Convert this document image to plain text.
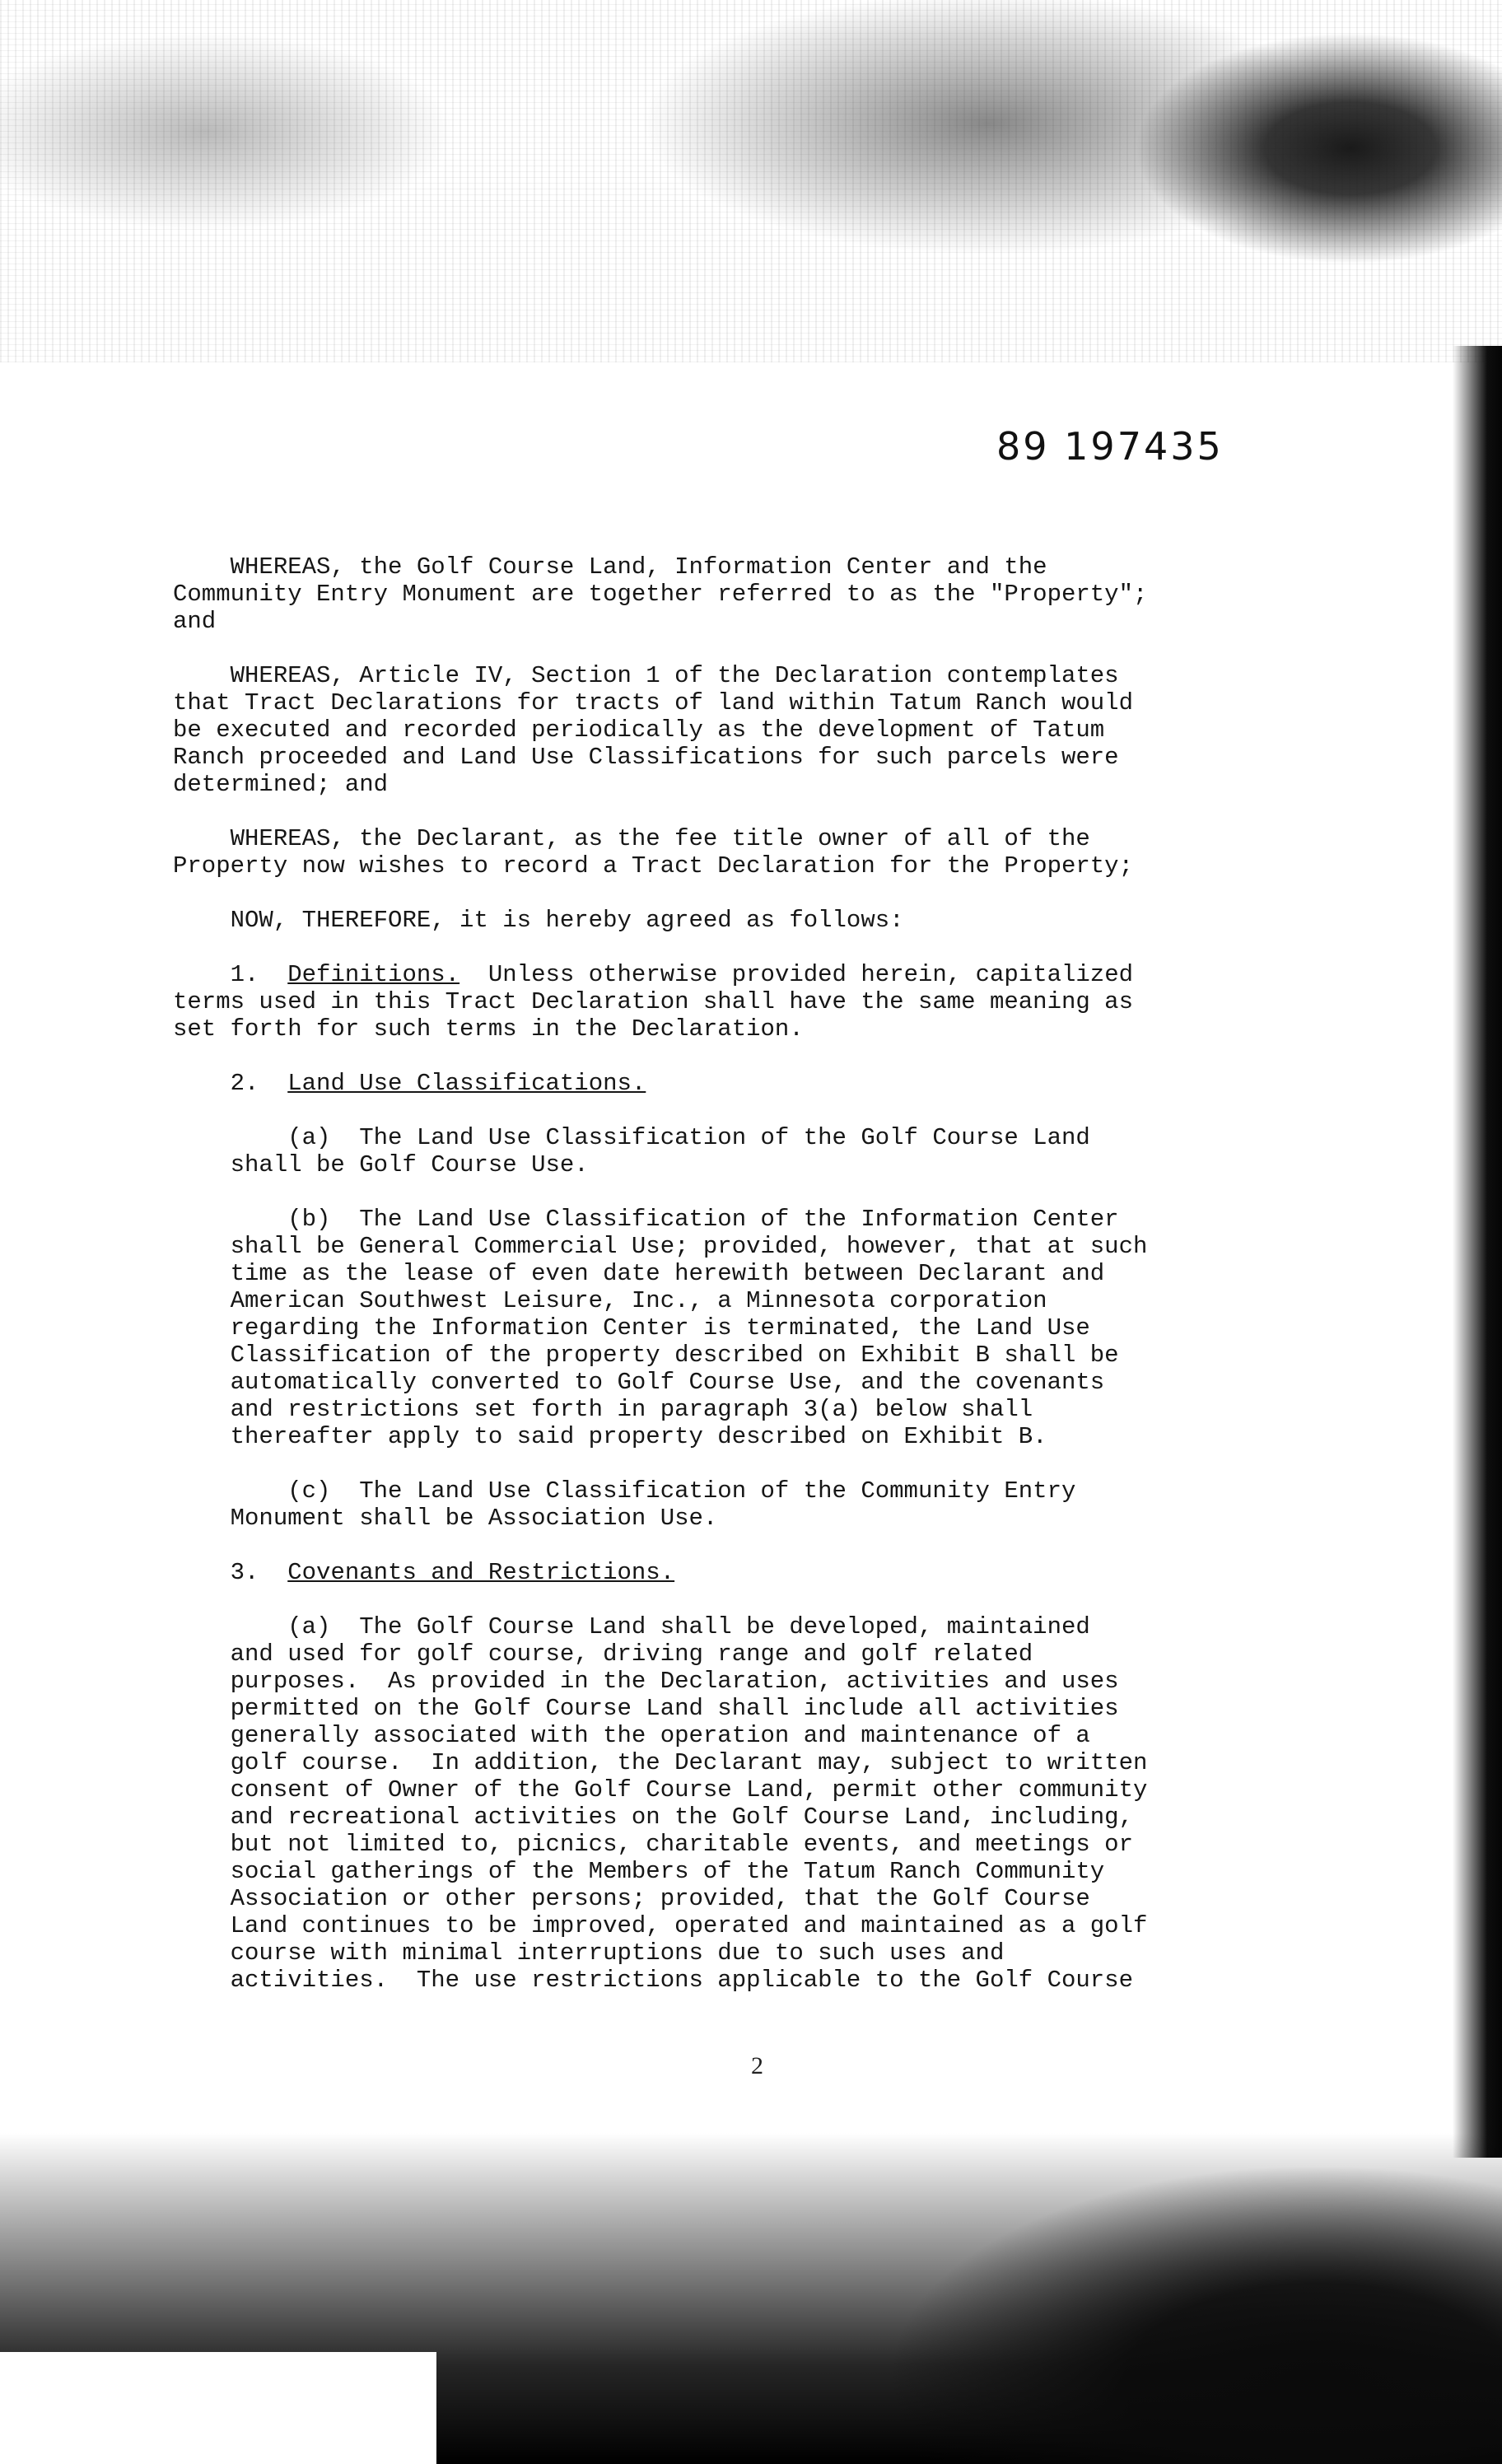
89 197435
WHEREAS, the Golf Course Land, Information Center and the
Community Entry Monument are together referred to as the "Property";
and
WHEREAS, Article IV, Section 1 of the Declaration contemplates
that Tract Declarations for tracts of land within Tatum Ranch would
be executed and recorded periodically as the development of Tatum
Ranch proceeded and Land Use Classifications for such parcels were
determined; and
WHEREAS, the Declarant, as the fee title owner of all of the
Property now wishes to record a Tract Declaration for the Property;
NOW, THEREFORE, it is hereby agreed as follows:
1.  Definitions.  Unless otherwise provided herein, capitalized
terms used in this Tract Declaration shall have the same meaning as
set forth for such terms in the Declaration.
2.  Land Use Classifications.
(a)  The Land Use Classification of the Golf Course Land
shall be Golf Course Use.
(b)  The Land Use Classification of the Information Center
shall be General Commercial Use; provided, however, that at such
time as the lease of even date herewith between Declarant and
American Southwest Leisure, Inc., a Minnesota corporation
regarding the Information Center is terminated, the Land Use
Classification of the property described on Exhibit B shall be
automatically converted to Golf Course Use, and the covenants
and restrictions set forth in paragraph 3(a) below shall
thereafter apply to said property described on Exhibit B.
(c)  The Land Use Classification of the Community Entry
Monument shall be Association Use.
3.  Covenants and Restrictions.
(a)  The Golf Course Land shall be developed, maintained
and used for golf course, driving range and golf related
purposes.  As provided in the Declaration, activities and uses
permitted on the Golf Course Land shall include all activities
generally associated with the operation and maintenance of a
golf course.  In addition, the Declarant may, subject to written
consent of Owner of the Golf Course Land, permit other community
and recreational activities on the Golf Course Land, including,
but not limited to, picnics, charitable events, and meetings or
social gatherings of the Members of the Tatum Ranch Community
Association or other persons; provided, that the Golf Course
Land continues to be improved, operated and maintained as a golf
course with minimal interruptions due to such uses and
activities.  The use restrictions applicable to the Golf Course
2
